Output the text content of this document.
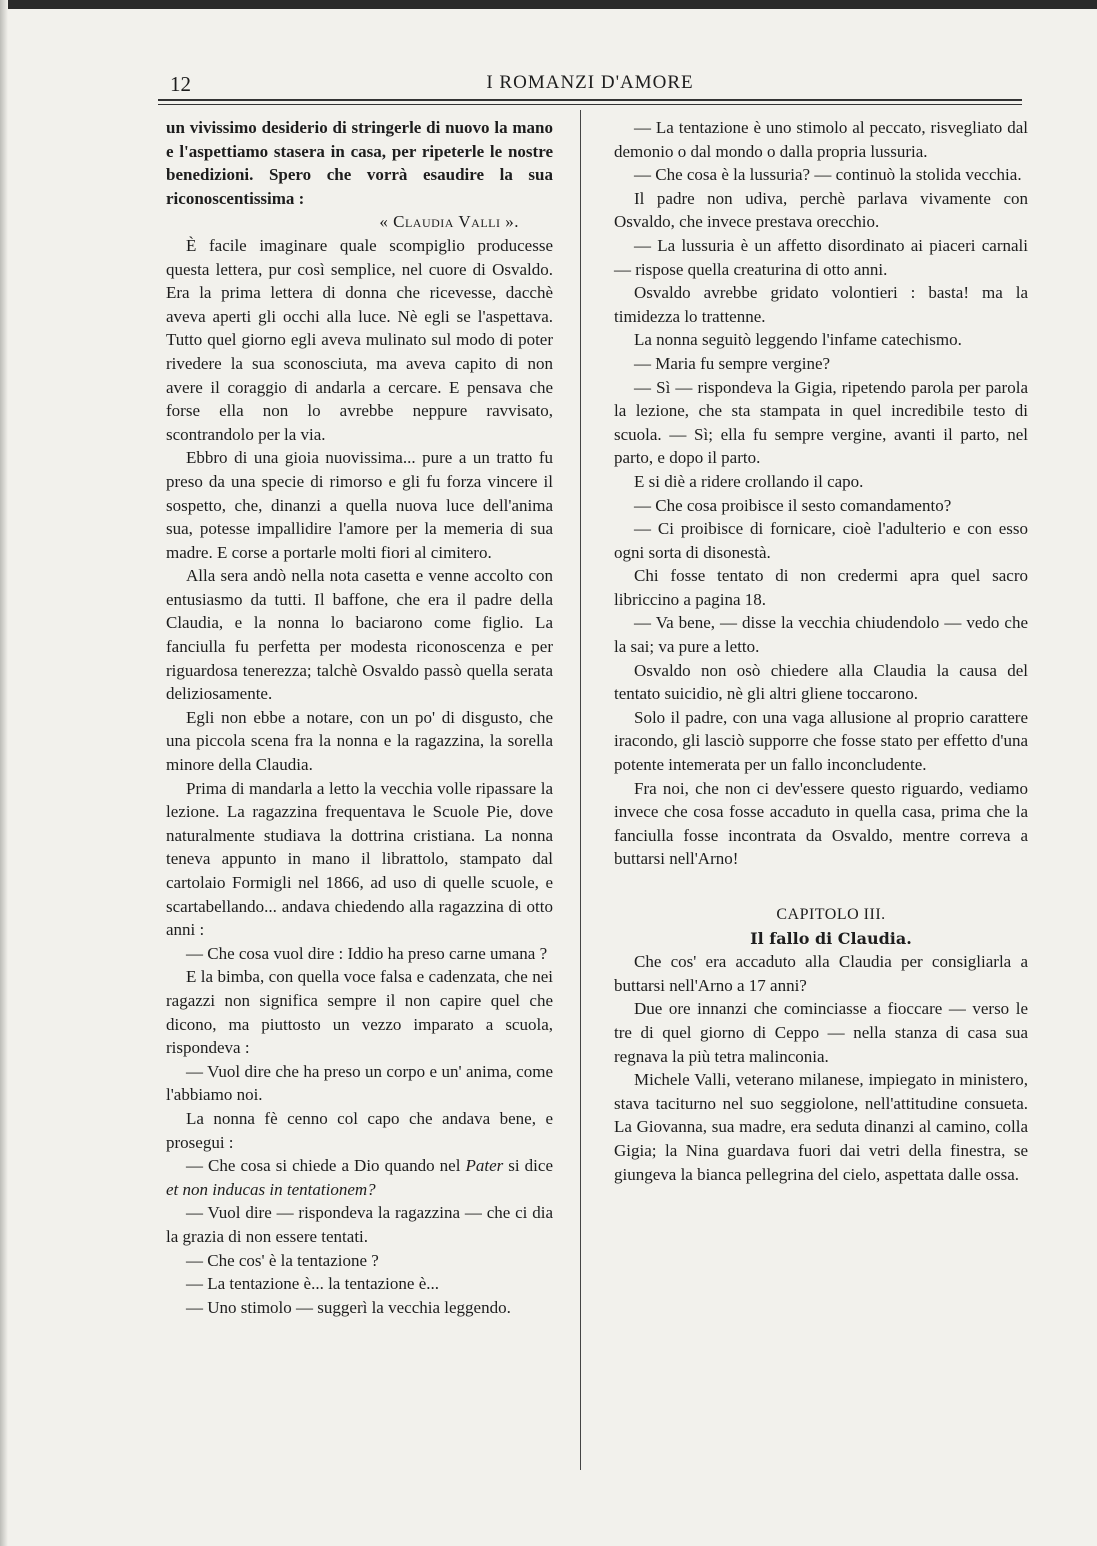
12	I ROMANZI D'AMORE

un vivissimo desiderio di stringerle di nuovo la mano e l'aspettiamo stasera in casa, per ripeterle le nostre benedizioni. Spero che vorrà esaudire la sua riconoscentissima :

« Claudia Valli ».

È facile imaginare quale scompiglio producesse questa lettera, pur così semplice, nel cuore di Osvaldo. Era la prima lettera di donna che ricevesse, dacchè aveva aperti gli occhi alla luce. Nè egli se l'aspettava. Tutto quel giorno egli aveva mulinato sul modo di poter rivedere la sua sconosciuta, ma aveva capito di non avere il coraggio di andarla a cercare. E pensava che forse ella non lo avrebbe neppure ravvisato, scontrandolo per la via.

Ebbro di una gioia nuovissima... pure a un tratto fu preso da una specie di rimorso e gli fu forza vincere il sospetto, che, dinanzi a quella nuova luce dell'anima sua, potesse impallidire l'amore per la memeria di sua madre. E corse a portarle molti fiori al cimitero.

Alla sera andò nella nota casetta e venne accolto con entusiasmo da tutti. Il baffone, che era il padre della Claudia, e la nonna lo baciarono come figlio. La fanciulla fu perfetta per modesta riconoscenza e per riguardosa tenerezza; talchè Osvaldo passò quella serata deliziosamente.

Egli non ebbe a notare, con un po' di disgusto, che una piccola scena fra la nonna e la ragazzina, la sorella minore della Claudia.

Prima di mandarla a letto la vecchia volle ripassare la lezione. La ragazzina frequentava le Scuole Pie, dove naturalmente studiava la dottrina cristiana. La nonna teneva appunto in mano il librattolo, stampato dal cartolaio Formigli nel 1866, ad uso di quelle scuole, e scartabellando... andava chiedendo alla ragazzina di otto anni :

— Che cosa vuol dire : Iddio ha preso carne umana ?

E la bimba, con quella voce falsa e cadenzata, che nei ragazzi non significa sempre il non capire quel che dicono, ma piuttosto un vezzo imparato a scuola, rispondeva :

— Vuol dire che ha preso un corpo e un' anima, come l'abbiamo noi.

La nonna fè cenno col capo che andava bene, e prosegui :

— Che cosa si chiede a Dio quando nel Pater si dice et non inducas in tentationem?

— Vuol dire — rispondeva la ragazzina — che ci dia la grazia di non essere tentati.

— Che cos' è la tentazione ?

— La tentazione è... la tentazione è...

— Uno stimolo — suggerì la vecchia leggendo.

— La tentazione è uno stimolo al peccato, risvegliato dal demonio o dal mondo o dalla propria lussuria.

— Che cosa è la lussuria? — continuò la stolida vecchia.

Il padre non udiva, perchè parlava vivamente con Osvaldo, che invece prestava orecchio.

— La lussuria è un affetto disordinato ai piaceri carnali — rispose quella creaturina di otto anni.

Osvaldo avrebbe gridato volontieri : basta! ma la timidezza lo trattenne.

La nonna seguitò leggendo l'infame catechismo.

— Maria fu sempre vergine?

— Sì — rispondeva la Gigia, ripetendo parola per parola la lezione, che sta stampata in quel incredibile testo di scuola. — Sì; ella fu sempre vergine, avanti il parto, nel parto, e dopo il parto.

E si diè a ridere crollando il capo.

— Che cosa proibisce il sesto comandamento?

— Ci proibisce di fornicare, cioè l'adulterio e con esso ogni sorta di disonestà.

Chi fosse tentato di non credermi apra quel sacro libriccino a pagina 18.

— Va bene, — disse la vecchia chiudendolo — vedo che la sai; va pure a letto.

Osvaldo non osò chiedere alla Claudia la causa del tentato suicidio, nè gli altri gliene toccarono.

Solo il padre, con una vaga allusione al proprio carattere iracondo, gli lasciò supporre che fosse stato per effetto d'una potente intemerata per un fallo inconcludente.

Fra noi, che non ci dev'essere questo riguardo, vediamo invece che cosa fosse accaduto in quella casa, prima che la fanciulla fosse incontrata da Osvaldo, mentre correva a buttarsi nell'Arno!

CAPITOLO III.

Il fallo di Claudia.

Che cos' era accaduto alla Claudia per consigliarla a buttarsi nell'Arno a 17 anni?

Due ore innanzi che cominciasse a fioccare — verso le tre di quel giorno di Ceppo — nella stanza di casa sua regnava la più tetra malinconia.

Michele Valli, veterano milanese, impiegato in ministero, stava taciturno nel suo seggiolone, nell'attitudine consueta. La Giovanna, sua madre, era seduta dinanzi al camino, colla Gigia; la Nina guardava fuori dai vetri della finestra, se giungeva la bianca pellegrina del cielo, aspettata dalle ossa.
